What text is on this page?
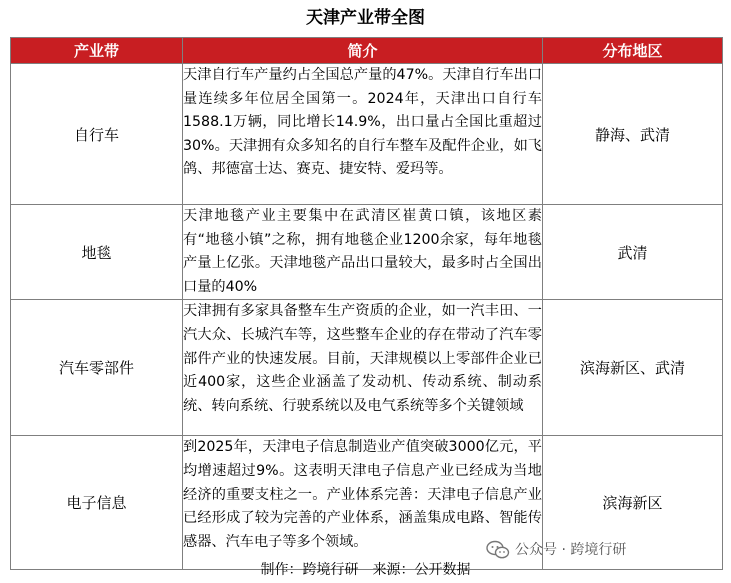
天津产业带全图
产业带	简介	分布地区
自行车	天津自行车产量约占全国总产量的47%。天津自行车出口量连续多年位居全国第一。2024年，天津出口自行车1588.1万辆，同比增长14.9%，出口量占全国比重超过30%。天津拥有众多知名的自行车整车及配件企业，如飞鸽、邦德富士达、赛克、捷安特、爱玛等。	静海、武清
地毯	天津地毯产业主要集中在武清区崔黄口镇，该地区素有“地毯小镇”之称，拥有地毯企业1200余家，每年地毯产量上亿张。天津地毯产品出口量较大，最多时占全国出口量的40%	武清
汽车零部件	天津拥有多家具备整车生产资质的企业，如一汽丰田、一汽大众、长城汽车等，这些整车企业的存在带动了汽车零部件产业的快速发展。目前，天津规模以上零部件企业已近400家，这些企业涵盖了发动机、传动系统、制动系统、转向系统、行驶系统以及电气系统等多个关键领域	滨海新区、武清
电子信息	到2025年，天津电子信息制造业产值突破3000亿元，平均增速超过9%。这表明天津电子信息产业已经成为当地经济的重要支柱之一。产业体系完善：天津电子信息产业已经形成了较为完善的产业体系，涵盖集成电路、智能传感器、汽车电子等多个领域。	滨海新区
制作：跨境行研　来源：公开数据
公众号 · 跨境行研
